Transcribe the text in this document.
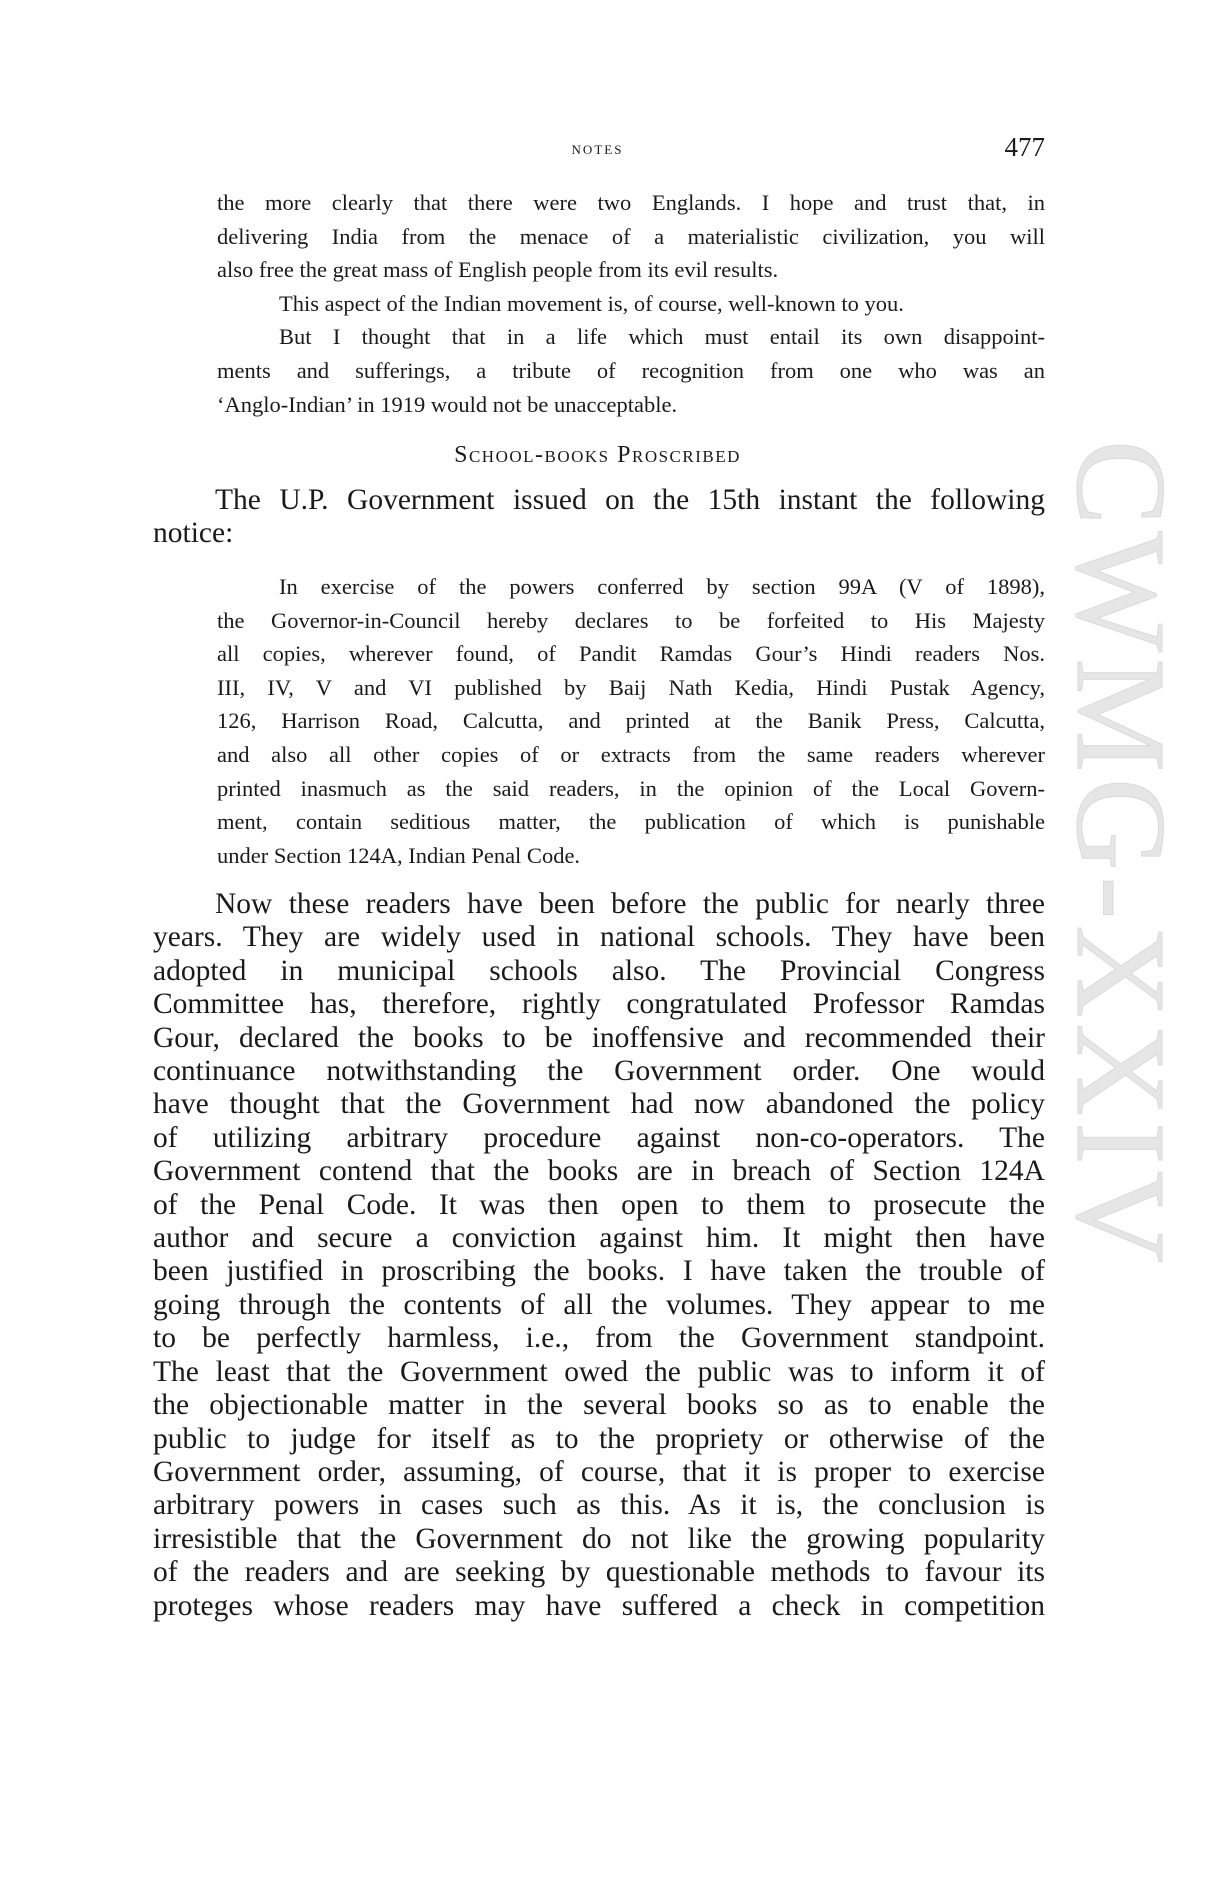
notes	477

the more clearly that there were two Englands. I hope and trust that, in
delivering India from the menace of a materialistic civilization, you will
also free the great mass of English people from its evil results.

This aspect of the Indian movement is, of course, well-known to you.
But I thought that in a life which must entail its own disappoint-
ments and sufferings, a tribute of recognition from one who was an
‘Anglo-Indian’ in 1919 would not be unacceptable.

School-books Proscribed
The U.P. Government issued on the 15th instant the following
notice:
In exercise of the powers conferred by section 99A (V of 1898),
the Governor-in-Council hereby declares to be forfeited to His Majesty
all copies, wherever found, of Pandit Ramdas Gour’s Hindi readers Nos.
III, IV, V and VI published by Baij Nath Kedia, Hindi Pustak Agency,
126, Harrison Road, Calcutta, and printed at the Banik Press, Calcutta,
and also all other copies of or extracts from the same readers wherever
printed inasmuch as the said readers, in the opinion of the Local Govern-
ment, contain seditious matter, the publication of which is punishable
under Section 124A, Indian Penal Code.
Now these readers have been before the public for nearly three
years. They are widely used in national schools. They have been
adopted in municipal schools also. The Provincial Congress
Committee has, therefore, rightly congratulated Professor Ramdas
Gour, declared the books to be inoffensive and recommended their
continuance notwithstanding the Government order. One would
have thought that the Government had now abandoned the policy
of utilizing arbitrary procedure against non-co-operators. The
Government contend that the books are in breach of Section 124A
of the Penal Code. It was then open to them to prosecute the
author and secure a conviction against him. It might then have
been justified in proscribing the books. I have taken the trouble of
going through the contents of all the volumes. They appear to me
to be perfectly harmless, i.e., from the Government standpoint.
The least that the Government owed the public was to inform it of
the objectionable matter in the several books so as to enable the
public to judge for itself as to the propriety or otherwise of the
Government order, assuming, of course, that it is proper to exercise
arbitrary powers in cases such as this. As it is, the conclusion is
irresistible that the Government do not like the growing popularity
of the readers and are seeking by questionable methods to favour its
proteges whose readers may have suffered a check in competition
CWMG-XXIV
